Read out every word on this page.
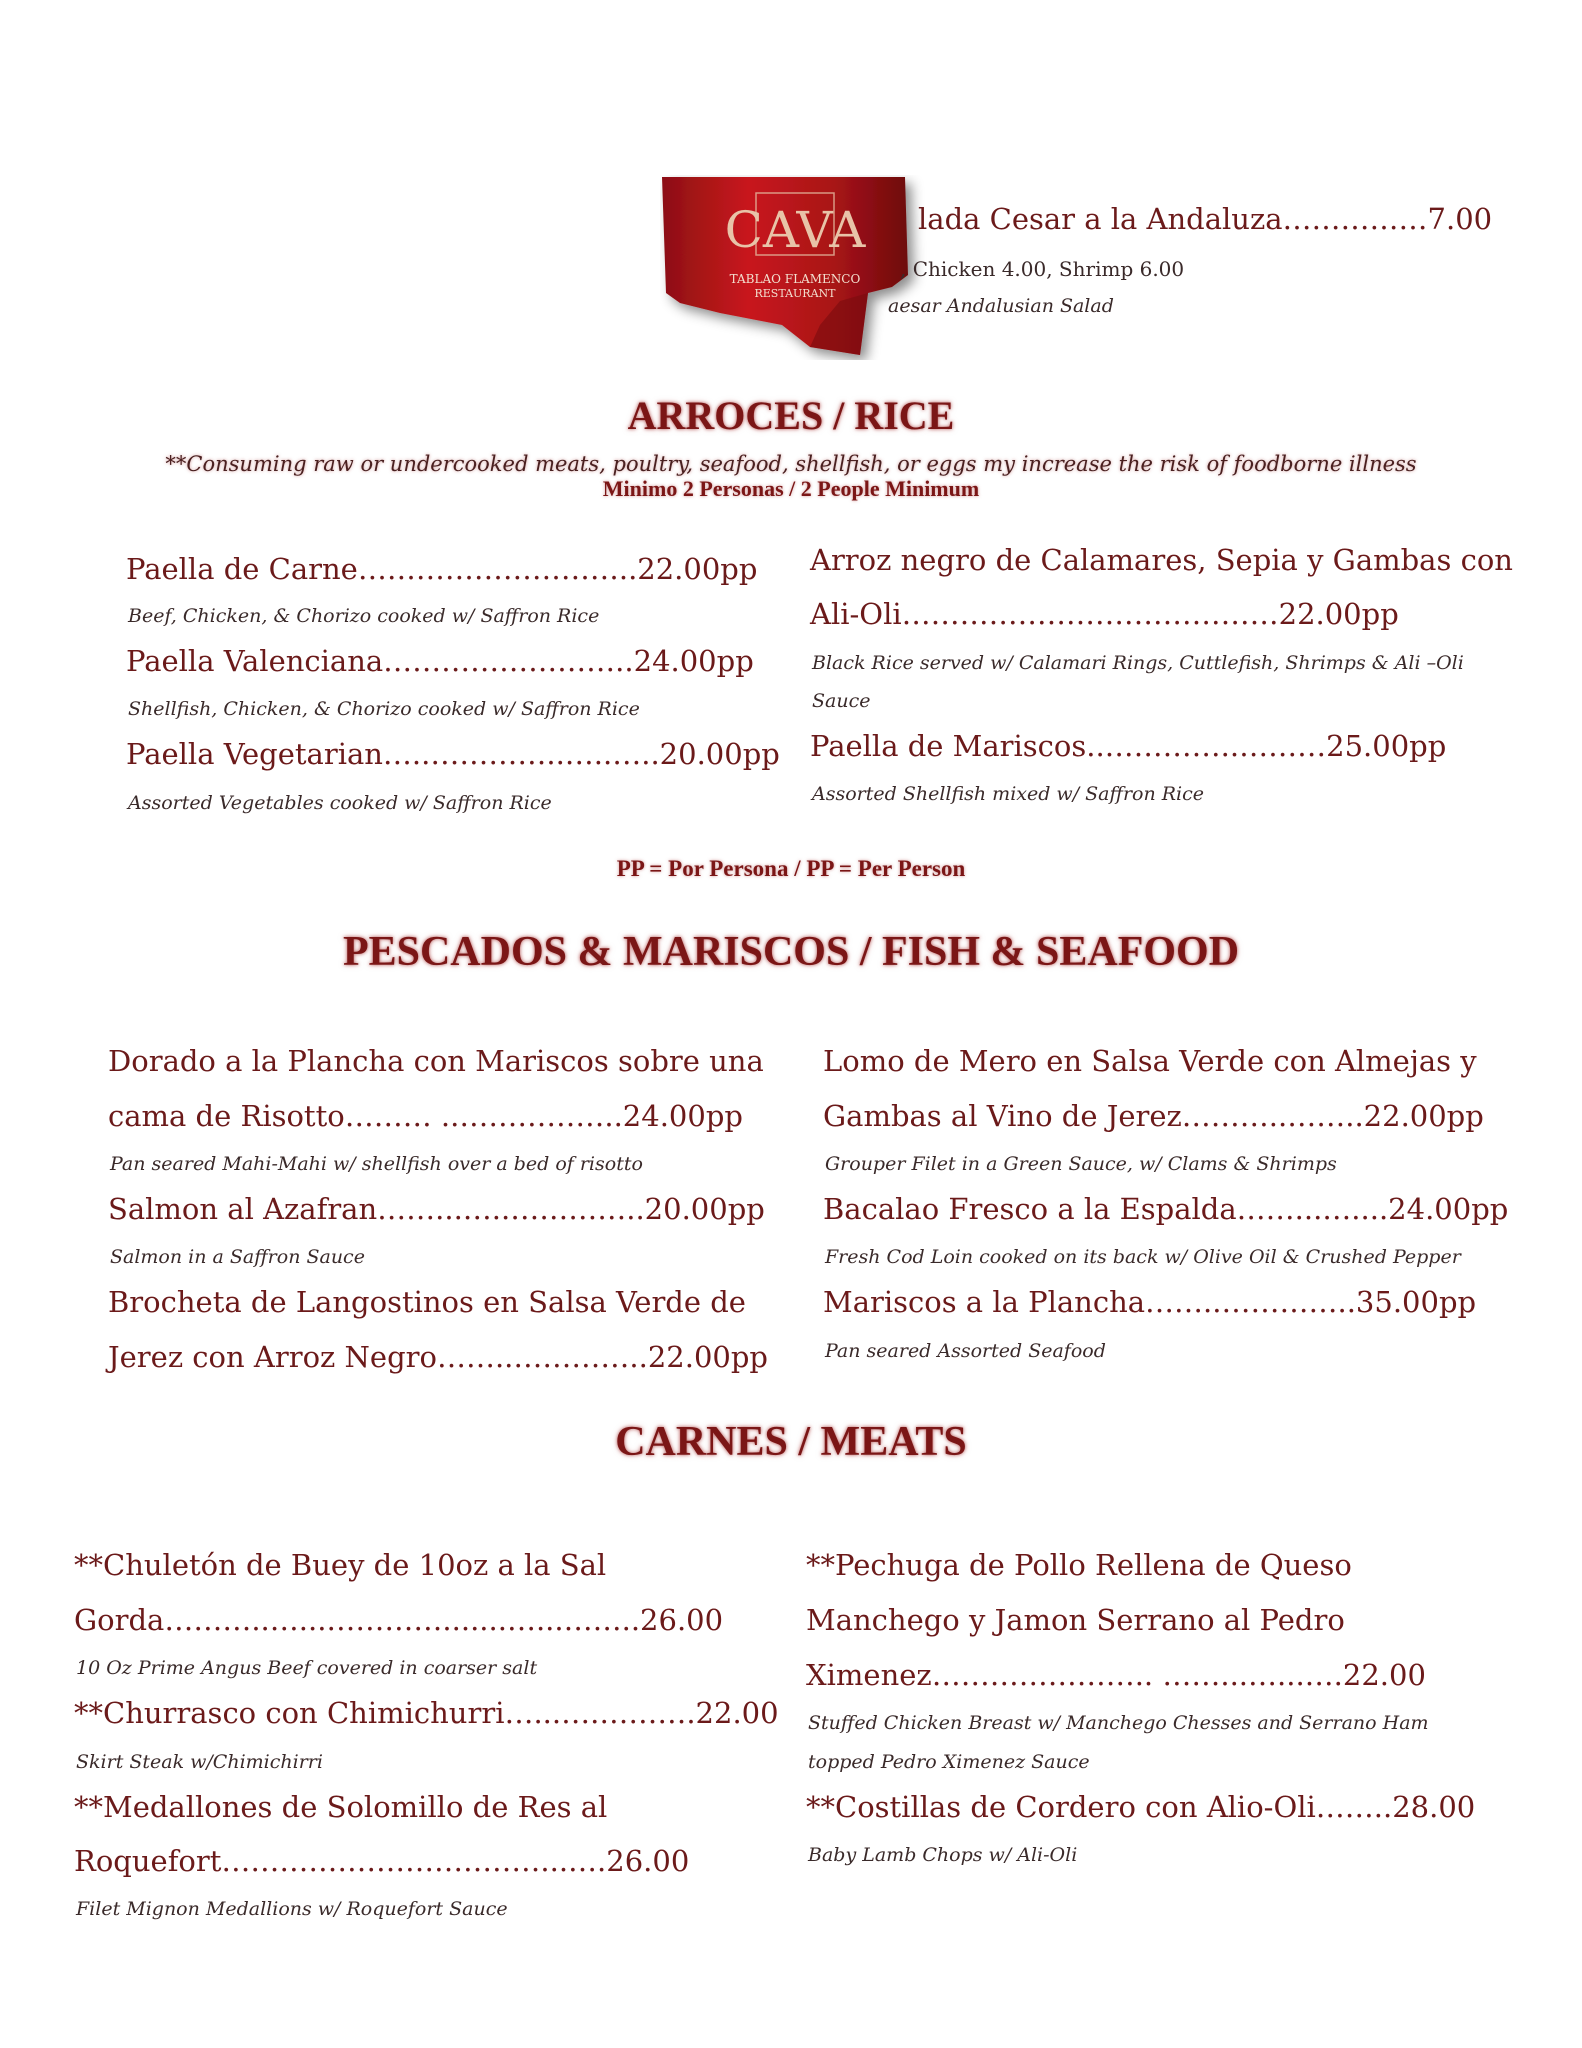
CAVA
TABLAO FLAMENCO
RESTAURANT
lada Cesar a la Andaluza……………7.00
, Chicken 4.00, Shrimp 6.00
aesar Andalusian Salad
ARROCES / RICE
**Consuming raw or undercooked meats, poultry, seafood, shellfish, or eggs my increase the risk of foodborne illness
Minimo 2 Personas / 2 People Minimum
Paella de Carne………………………..22.00pp
Beef, Chicken, & Chorizo cooked w/ Saffron Rice
Paella Valenciana……………………..24.00pp
Shellfish, Chicken, & Chorizo cooked w/ Saffron Rice
Paella Vegetarian…..…………..…..…..20.00pp
Assorted Vegetables cooked w/ Saffron Rice
Arroz negro de Calamares, Sepia y Gambas con
Ali-Oli…………………………………22.00pp
Black Rice served w/ Calamari Rings, Cuttlefish, Shrimps & Ali –Oli
Sauce
Paella de Mariscos..…………..………25.00pp
Assorted Shellfish mixed w/ Saffron Rice
PP = Por Persona / PP = Per Person
PESCADOS & MARISCOS / FISH & SEAFOOD
Dorado a la Plancha con Mariscos sobre una
cama de Risotto……… ..……………..24.00pp
Pan seared Mahi-Mahi w/ shellfish over a bed of risotto
Salmon al Azafran……...…..…………..20.00pp
Salmon in a Saffron Sauce
Brocheta de Langostinos en Salsa Verde de
Jerez con Arroz Negro……..…………..22.00pp
Lomo de Mero en Salsa Verde con Almejas y
Gambas al Vino de Jerez………..……..22.00pp
Grouper Filet in a Green Sauce, w/ Clams & Shrimps
Bacalao Fresco a la Espalda……...…....24.00pp
Fresh Cod Loin cooked on its back w/ Olive Oil & Crushed Pepper
Mariscos a la Plancha……..…………..35.00pp
Pan seared Assorted Seafood
CARNES / MEATS
**Chuletón de Buey de 10oz a la Sal
Gorda………..…...………….......…...……..26.00
10 Oz Prime Angus Beef covered in coarser salt
**Churrasco con Chimichurri…...….……….22.00
Skirt Steak w/Chimichirri
**Medallones de Solomillo de Res al
Roquefort……………………………...….26.00
Filet Mignon Medallions w/ Roquefort Sauce
**Pechuga de Pollo Rellena de Queso
Manchego y Jamon Serrano al Pedro
Ximenez………………….. ……...…...….22.00
Stuffed Chicken Breast w/ Manchego Chesses and Serrano Ham
topped Pedro Ximenez Sauce
**Costillas de Cordero con Alio-Oli……..28.00
Baby Lamb Chops w/ Ali-Oli
